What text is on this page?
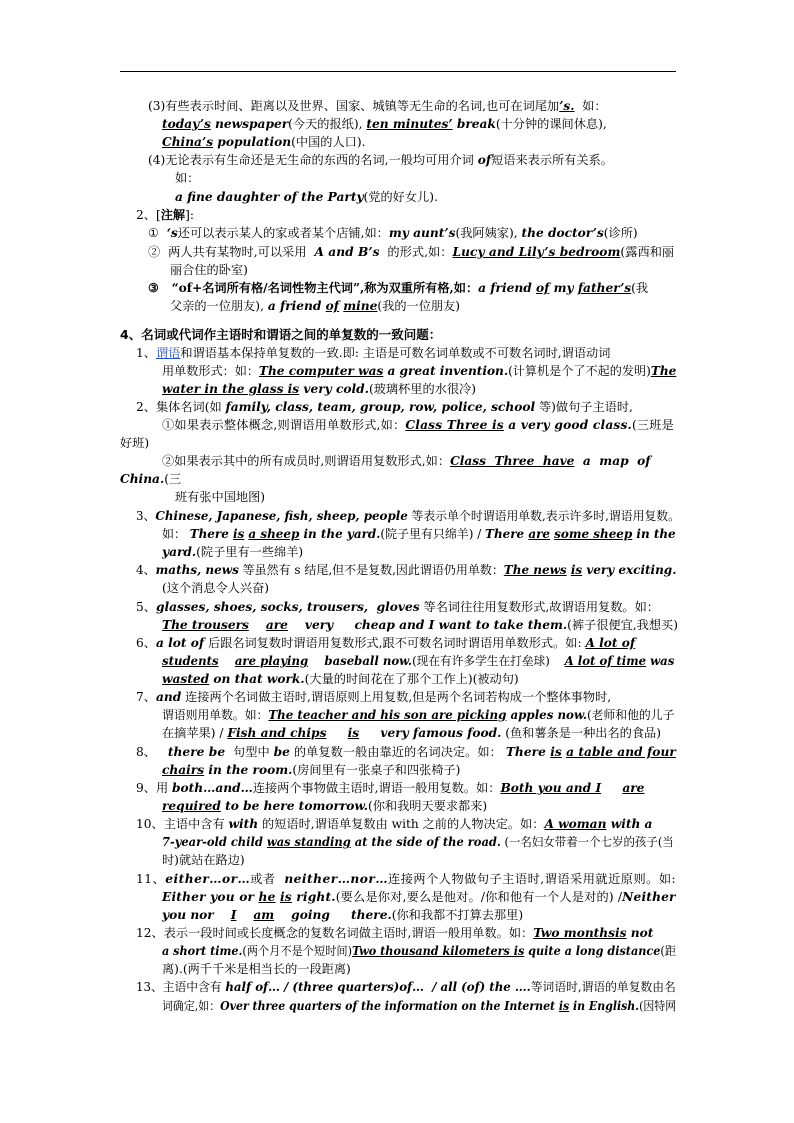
(3)有些表示时间、距离以及世界、国家、城镇等无生命的名词,也可在词尾加’s.  如：
today’s newspaper(今天的报纸), ten minutes’ break(十分钟的课间休息),
China’s population(中国的人口).
(4)无论表示有生命还是无生命的东西的名词,一般均可用介词 of短语来表示所有关系。
如：
a fine daughter of the Party(党的好女儿).
2、[注解]:
①  ‘s还可以表示某人的家或者某个店铺,如：my aunt’s(我阿姨家), the doctor’s(诊所)
②  两人共有某物时,可以采用  A and B’s  的形式,如：Lucy and Lily’s bedroom(露西和丽
丽合住的卧室)
③   “of+名词所有格/名词性物主代词”,称为双重所有格,如：a friend of my father’s(我
父亲的一位朋友), a friend of mine(我的一位朋友)
4、名词或代词作主语时和谓语之间的单复数的一致问题：
1、谓语和谓语基本保持单复数的一致.即: 主语是可数名词单数或不可数名词时,谓语动词
用单数形式：如：The computer was a great invention.(计算机是个了不起的发明)The
water in the glass is very cold.(玻璃杯里的水很冷)
2、集体名词(如 family, class, team, group, row, police, school 等)做句子主语时,
①如果表示整体概念,则谓语用单数形式,如：Class Three is a very good class.(三班是
好班)
②如果表示其中的所有成员时,则谓语用复数形式,如：Class  Three  have  a  map  of
China.(三
班有张中国地图)
3、Chinese, Japanese, fish, sheep, people 等表示单个时谓语用单数,表示许多时,谓语用复数。
如： There is a sheep in the yard.(院子里有只绵羊) / There are some sheep in the
yard.(院子里有一些绵羊)
4、maths, news 等虽然有 s 结尾,但不是复数,因此谓语仍用单数：The news is very exciting.
(这个消息令人兴奋)
5、glasses, shoes, socks, trousers,  gloves 等名词往往用复数形式,故谓语用复数。如：
The trousers are    very     cheap and I want to take them.(裤子很便宜,我想买)
6、a lot of 后跟名词复数时谓语用复数形式,跟不可数名词时谓语用单数形式。如: A lot of
students are playing    baseball now.(现在有许多学生在打垒球)    A lot of time was
wasted on that work.(大量的时间花在了那个工作上)(被动句)
7、and 连接两个名词做主语时,谓语原则上用复数,但是两个名词若构成一个整体事物时,
谓语则用单数。如：The teacher and his son are picking apples now.(老师和他的儿子
在摘苹果) / Fish and chips is     very famous food. (鱼和薯条是一种出名的食品)
8、   there be  句型中 be 的单复数一般由靠近的名词决定。如： There is a table and four
chairs in the room.(房间里有一张桌子和四张椅子)
9、用 both…and…连接两个事物做主语时,谓语一般用复数。如：Both you and I are
required to be here tomorrow.(你和我明天要求都来)
10、主语中含有 with 的短语时,谓语单复数由 with 之前的人物决定。如：A woman with a
7-year-old child was standing at the side of the road. (一名妇女带着一个七岁的孩子(当
时)就站在路边)
11、either…or…或者  neither…nor…连接两个人物做句子主语时,谓语采用就近原则。如:
Either you or he is right.(要么是你对,要么是他对。/你和他有一个人是对的) /Neither
you nor I am    going     there.(你和我都不打算去那里)
12、表示一段时间或长度概念的复数名词做主语时,谓语一般用单数。如：Two monthsis not
a short time.(两个月不是个短时间)Two thousand kilometers is quite a long distance(距
离).(两千千米是相当长的一段距离)
13、主语中含有 half of… / (three quarters)of…  / all (of) the ….等词语时,谓语的单复数由名
词确定,如：Over three quarters of the information on the Internet is in English.(因特网
